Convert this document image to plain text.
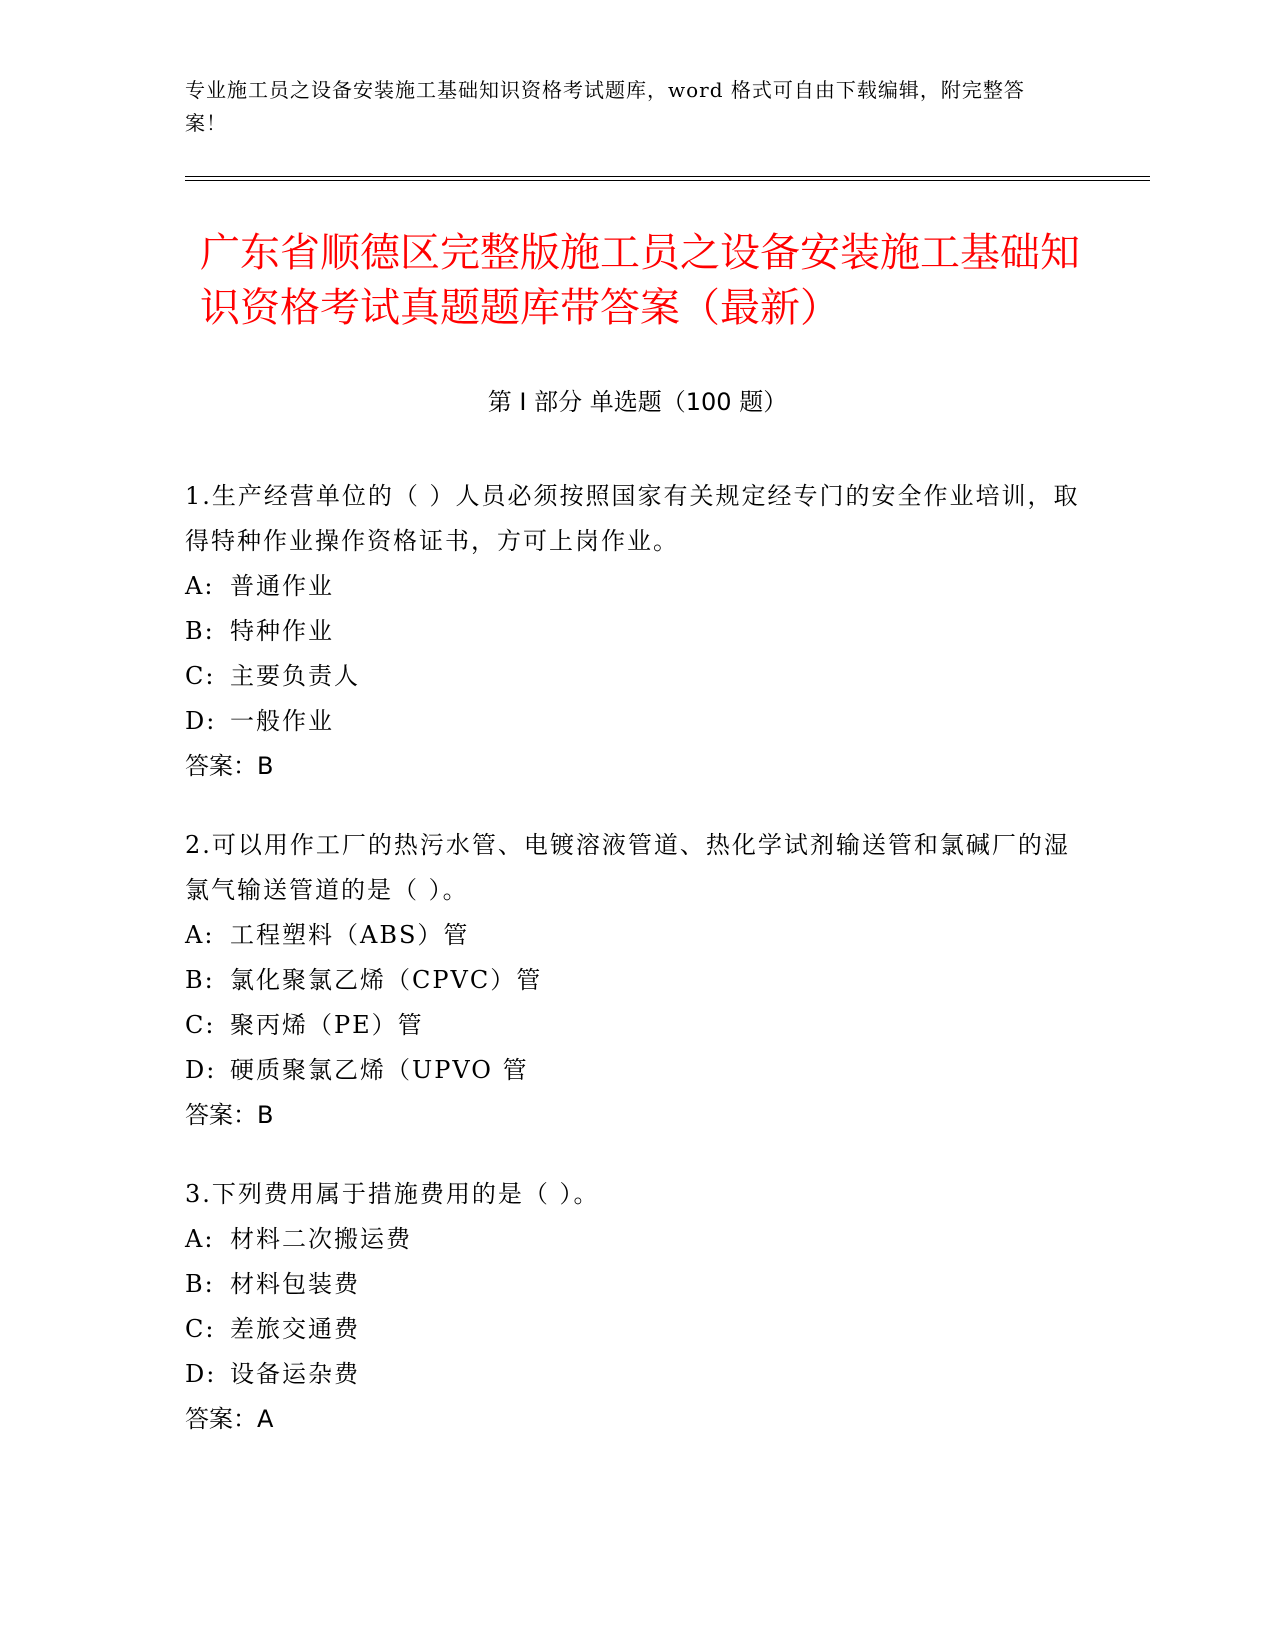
专业施工员之设备安装施工基础知识资格考试题库，word 格式可自由下载编辑，附完整答案！
广东省顺德区完整版施工员之设备安装施工基础知识资格考试真题题库带答案（最新）
第 I 部分 单选题（100 题）
1.生产经营单位的（ ）人员必须按照国家有关规定经专门的安全作业培训，取得特种作业操作资格证书，方可上岗作业。
A: 普通作业
B: 特种作业
C: 主要负责人
D: 一般作业
答案：B
2.可以用作工厂的热污水管、电镀溶液管道、热化学试剂输送管和氯碱厂的湿氯气输送管道的是（ ）。
A: 工程塑料（ABS）管
B: 氯化聚氯乙烯（CPVC）管
C: 聚丙烯（PE）管
D: 硬质聚氯乙烯（UPVO 管
答案：B
3.下列费用属于措施费用的是（ ）。
A: 材料二次搬运费
B: 材料包装费
C: 差旅交通费
D: 设备运杂费
答案：A
